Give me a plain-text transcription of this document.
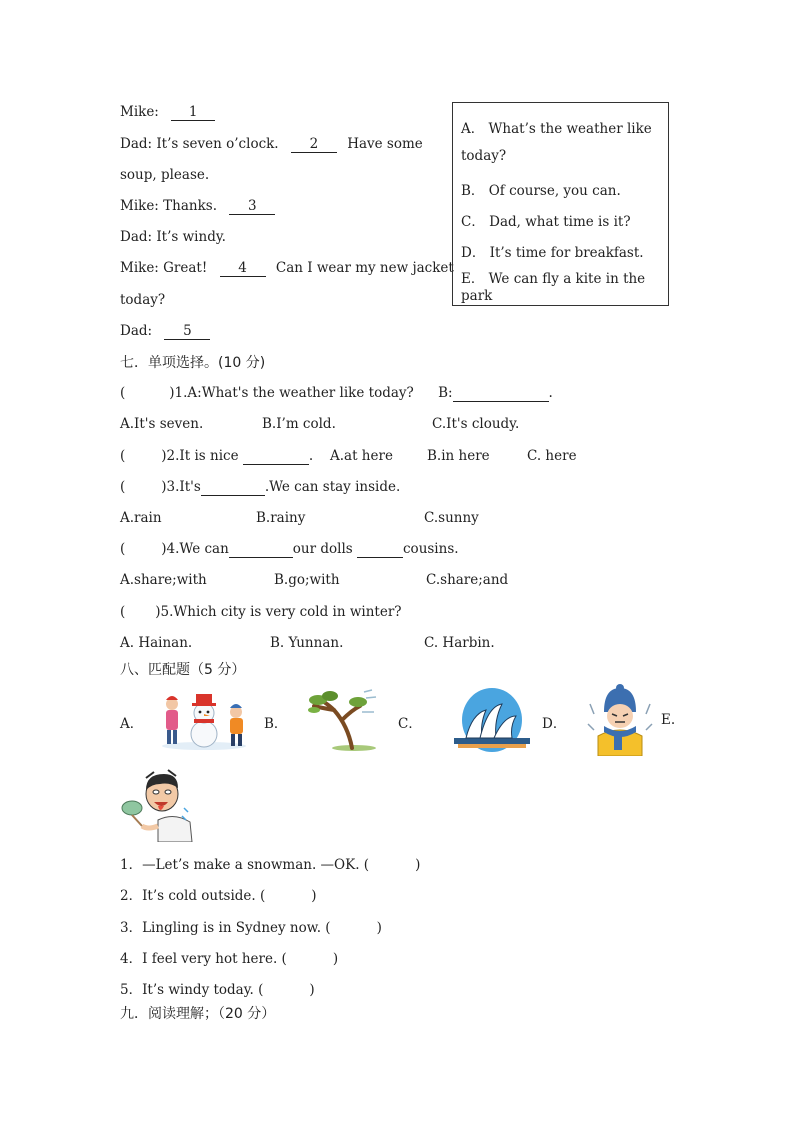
Mike: 1
Dad: It’s seven o’clock. 2 Have some
soup, please.
Mike: Thanks. 3
Dad: It’s windy.
Mike: Great! 4 Can I wear my new jacket
today?
Dad: 5
A． What’s the weather like
today?
B． Of course, you can.
C． Dad, what time is it?
D． It’s time for breakfast.
E． We can fly a kite in the
park
七．单项选择。(10 分)
(	)1.A:What's the weather like today? B:	.
A.It's seven.	B.I’m cold.	C.It's cloudy.
(	)2.It is nice	. A.at here	B.in here	C. here
(	)3.It's	.We can stay inside.
A.rain	B.rainy	C.sunny
(	)4.We can	our dolls	cousins.
A.share;with	B.go;with	C.share;and
( )5.Which city is very cold in winter?
A. Hainan.	B. Yunnan.	C. Harbin.
八、匹配题（5 分）
A．	B．	C．	D．	E.
1．—Let’s make a snowman. —OK. (	)
2．It’s cold outside. (	)
3．Lingling is in Sydney now. (	)
4．I feel very hot here. (	)
5．It’s windy today. (	)
九．阅读理解；（20 分）
